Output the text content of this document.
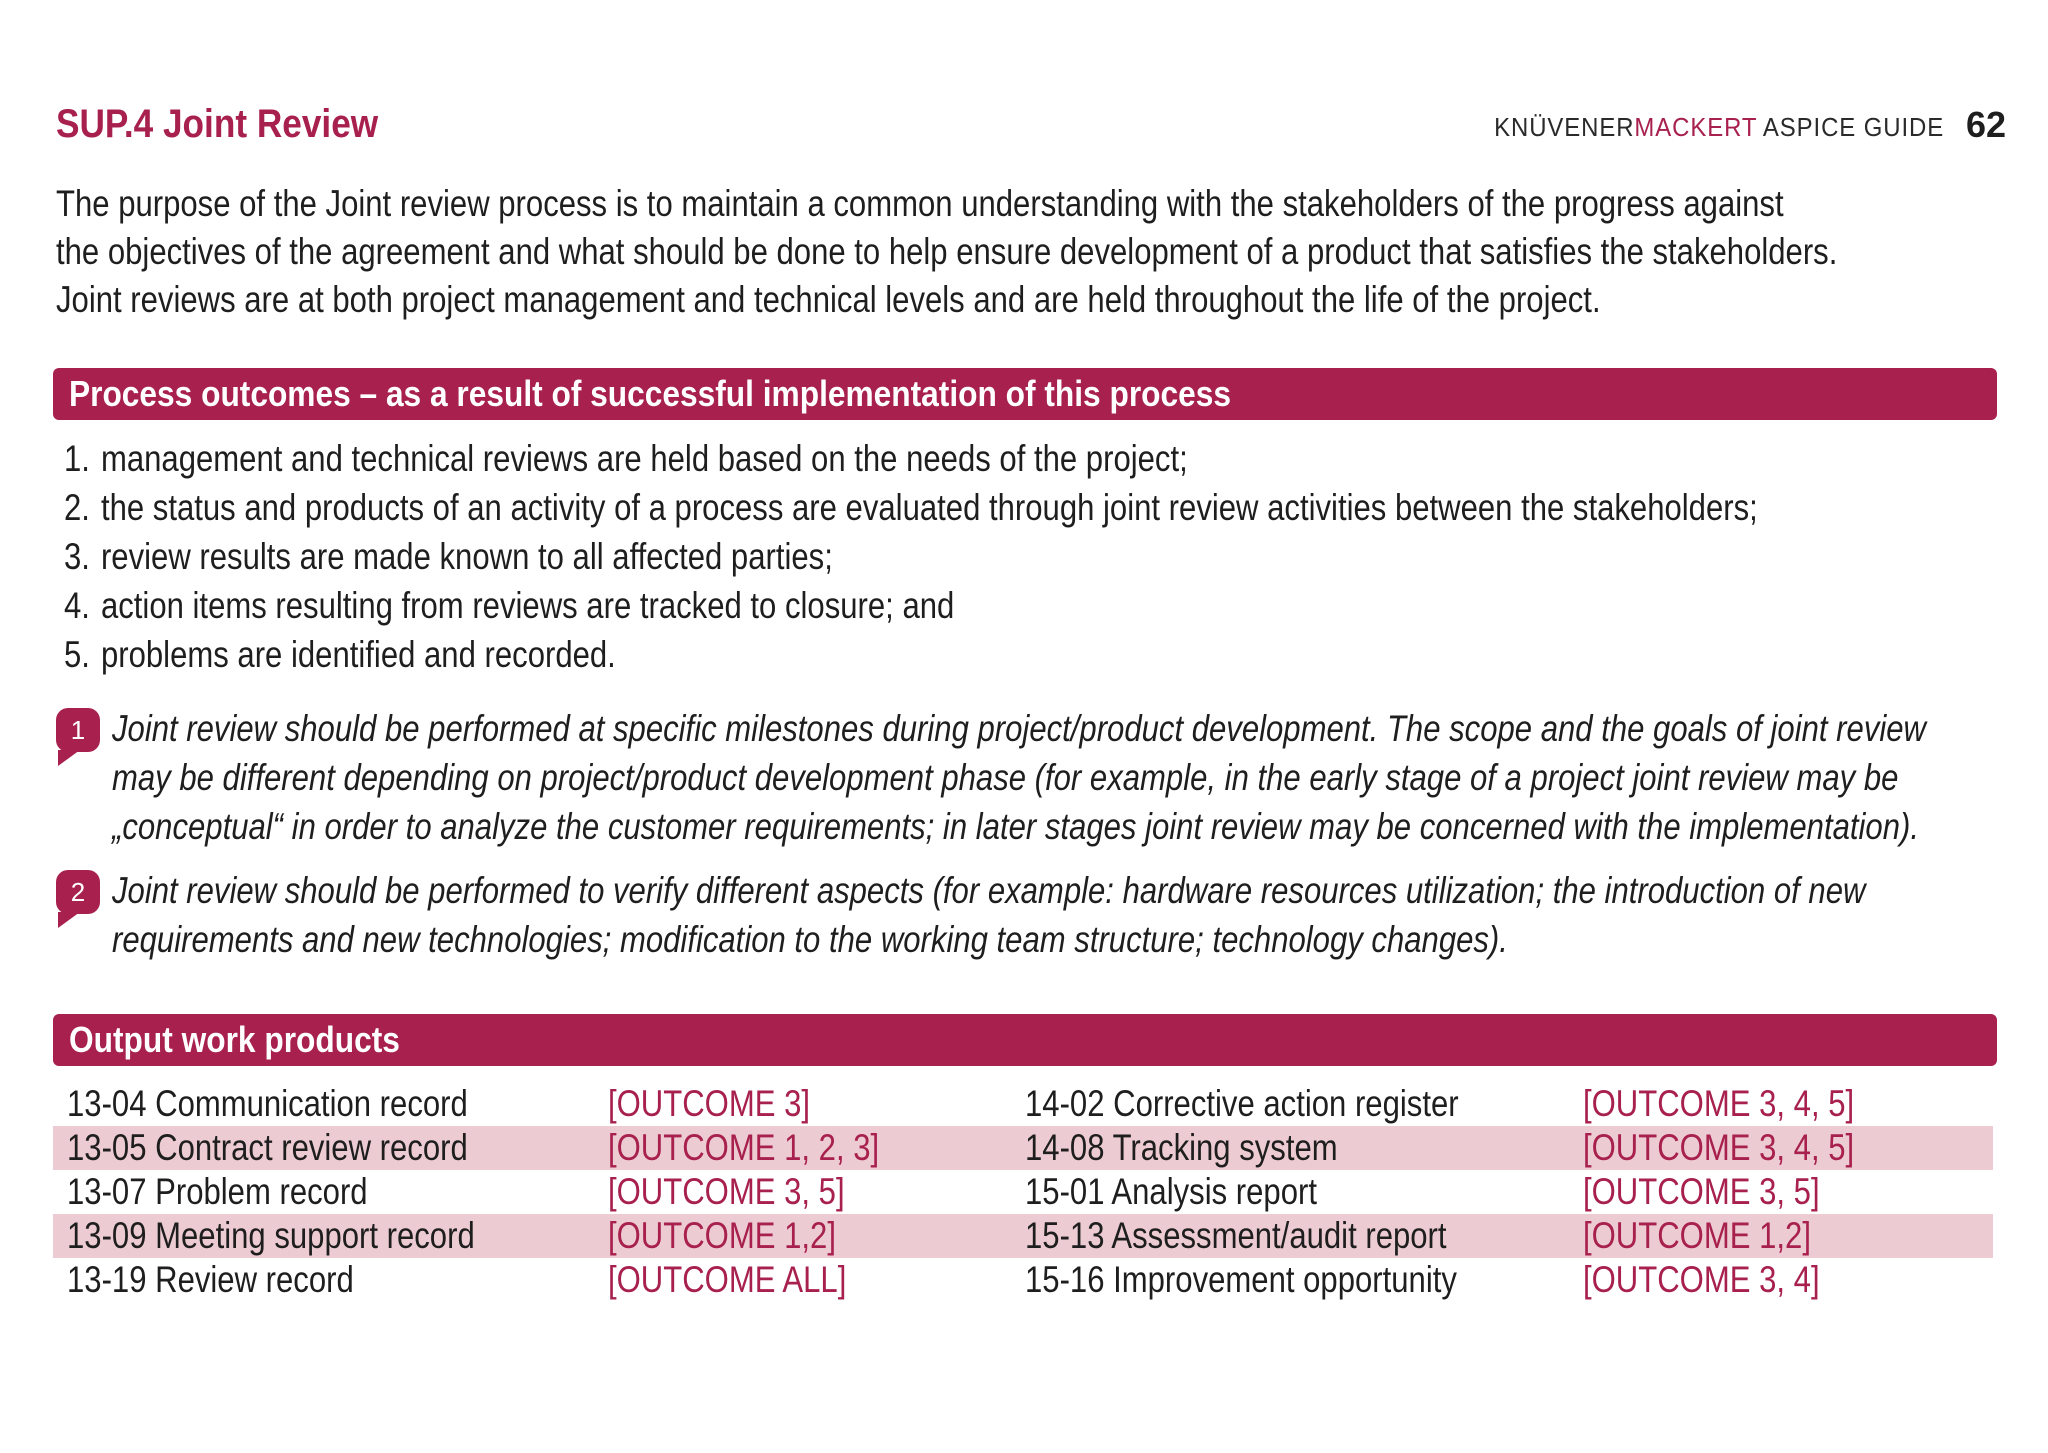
SUP.4 Joint Review	KNÜVENERMACKERT ASPICE GUIDE 62
The purpose of the Joint review process is to maintain a common understanding with the stakeholders of the progress against
the objectives of the agreement and what should be done to help ensure development of a product that satisfies the stakeholders.
Joint reviews are at both project management and technical levels and are held throughout the life of the project.
Process outcomes – as a result of successful implementation of this process
1. management and technical reviews are held based on the needs of the project;
2. the status and products of an activity of a process are evaluated through joint review activities between the stakeholders;
3. review results are made known to all affected parties;
4. action items resulting from reviews are tracked to closure; and
5. problems are identified and recorded.
1 Joint review should be performed at specific milestones during project/product development. The scope and the goals of joint review
may be different depending on project/product development phase (for example, in the early stage of a project joint review may be
„conceptual“ in order to analyze the customer requirements; in later stages joint review may be concerned with the implementation).
2 Joint review should be performed to verify different aspects (for example: hardware resources utilization; the introduction of new
requirements and new technologies; modification to the working team structure; technology changes).
Output work products
13-04 Communication record	[OUTCOME 3]	14-02 Corrective action register	[OUTCOME 3, 4, 5]
13-05 Contract review record	[OUTCOME 1, 2, 3]	14-08 Tracking system	[OUTCOME 3, 4, 5]
13-07 Problem record	[OUTCOME 3, 5]	15-01 Analysis report	[OUTCOME 3, 5]
13-09 Meeting support record	[OUTCOME 1,2]	15-13 Assessment/audit report	[OUTCOME 1,2]
13-19 Review record	[OUTCOME ALL]	15-16 Improvement opportunity	[OUTCOME 3, 4]
